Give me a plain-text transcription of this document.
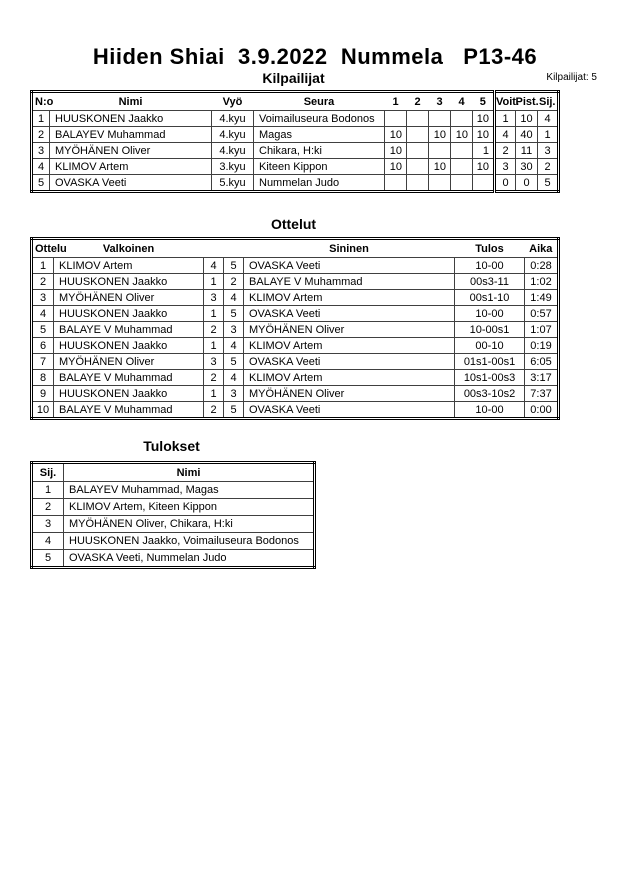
Hiiden Shiai  3.9.2022  Nummela   P13-46
Kilpailijat	Kilpailijat: 5
N:o	Nimi	Vyö	Seura	1	2	3	4	5	Voit.	Pist.	Sij.
1	HUUSKONEN Jaakko	4.kyu	Voimailuseura Bodonos					10	1	10	4
2	BALAYEV Muhammad	4.kyu	Magas	10		10	10	10	4	40	1
3	MYÖHÄNEN Oliver	4.kyu	Chikara, H:ki	10				1	2	11	3
4	KLIMOV Artem	3.kyu	Kiteen Kippon	10		10		10	3	30	2
5	OVASKA Veeti	5.kyu	Nummelan Judo						0	0	5
Ottelut
Ottelu	Valkoinen			Sininen	Tulos	Aika
1	KLIMOV Artem	4	5	OVASKA Veeti	10-00	0:28
2	HUUSKONEN Jaakko	1	2	BALAYE V Muhammad	00s3-11	1:02
3	MYÖHÄNEN Oliver	3	4	KLIMOV Artem	00s1-10	1:49
4	HUUSKONEN Jaakko	1	5	OVASKA Veeti	10-00	0:57
5	BALAYE V Muhammad	2	3	MYÖHÄNEN Oliver	10-00s1	1:07
6	HUUSKONEN Jaakko	1	4	KLIMOV Artem	00-10	0:19
7	MYÖHÄNEN Oliver	3	5	OVASKA Veeti	01s1-00s1	6:05
8	BALAYE V Muhammad	2	4	KLIMOV Artem	10s1-00s3	3:17
9	HUUSKONEN Jaakko	1	3	MYÖHÄNEN Oliver	00s3-10s2	7:37
10	BALAYE V Muhammad	2	5	OVASKA Veeti	10-00	0:00
Tulokset
Sij.	Nimi
1	BALAYEV Muhammad, Magas
2	KLIMOV Artem, Kiteen Kippon
3	MYÖHÄNEN Oliver, Chikara, H:ki
4	HUUSKONEN Jaakko, Voimailuseura Bodonos
5	OVASKA Veeti, Nummelan Judo
